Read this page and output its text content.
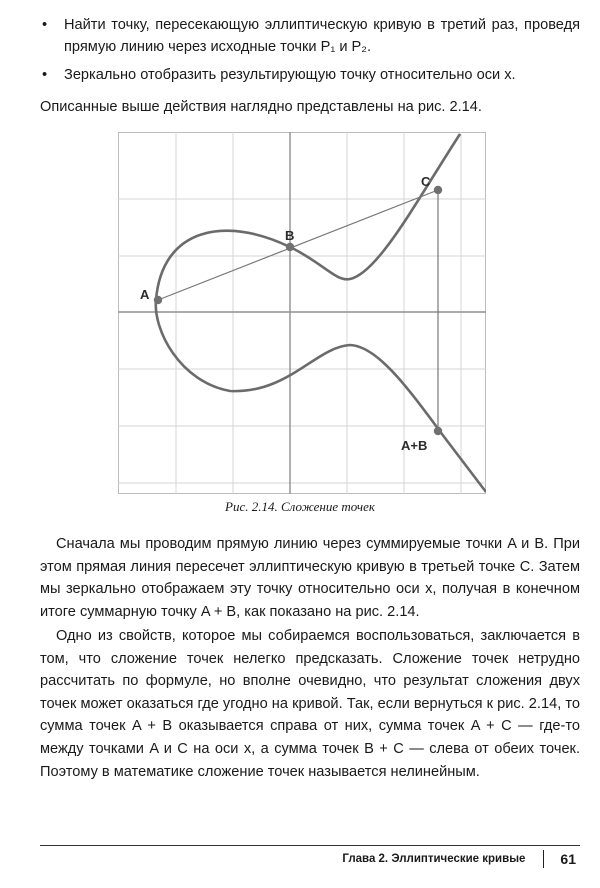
• Найти точку, пересекающую эллиптическую кривую в третий раз, проведя прямую линию через исходные точки P₁ и P₂.
• Зеркально отобразить результирующую точку относительно оси x.

Описанные выше действия наглядно представлены на рис. 2.14.

A
B
C
A+B
Рис. 2.14. Сложение точек

Сначала мы проводим прямую линию через суммируемые точки A и B. При этом прямая линия пересечет эллиптическую кривую в третьей точке C. Затем мы зеркально отображаем эту точку относительно оси x, получая в конечном итоге суммарную точку A + B, как показано на рис. 2.14.

Одно из свойств, которое мы собираемся воспользоваться, заключается в том, что сложение точек нелегко предсказать. Сложение точек нетрудно рассчитать по формуле, но вполне очевидно, что результат сложения двух точек может оказаться где угодно на кривой. Так, если вернуться к рис. 2.14, то сумма точек A + B оказывается справа от них, сумма точек A + C — где-то между точками A и C на оси x, а сумма точек B + C — слева от обеих точек. Поэтому в математике сложение точек называется нелинейным.

Глава 2. Эллиптические кривые	61
